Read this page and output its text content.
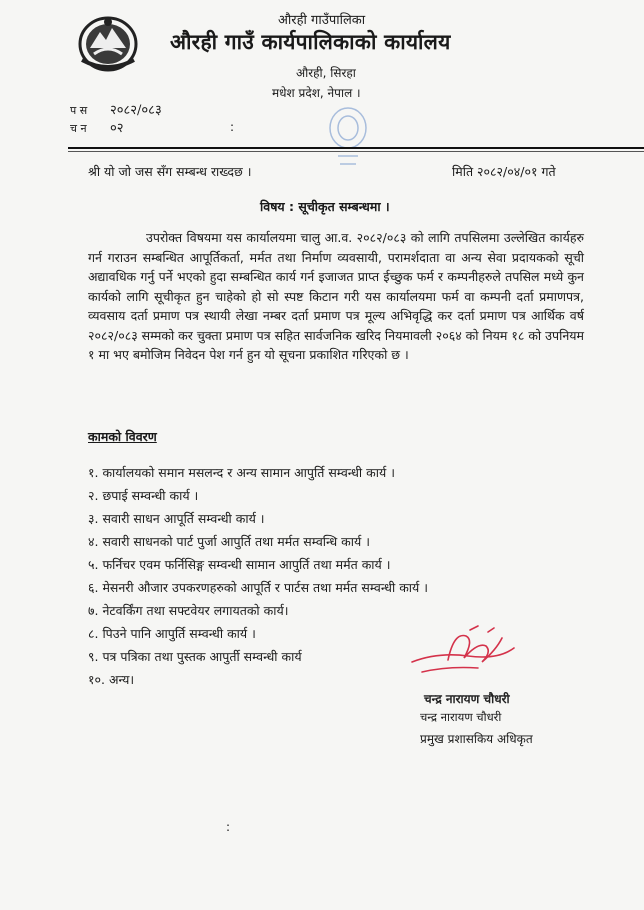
औरही गाउँपालिका
औरही गाउँ कार्यपालिकाको कार्यालय
औरही, सिरहा
मधेश प्रदेश, नेपाल ।
प स २०८२/०८३
च न ०२	:
श्री यो जो जस सँग सम्बन्ध राख्दछ ।	मिति २०८२/०४/०१ गते
विषय : सूचीकृत सम्बन्धमा ।
उपरोक्त विषयमा यस कार्यालयमा चालु आ.व. २०८२/०८३ को लागि तपसिलमा उल्लेखित कार्यहरु गर्न गराउन सम्बन्धित आपूर्तिकर्ता, मर्मत तथा निर्माण व्यवसायी, परामर्शदाता वा अन्य सेवा प्रदायकको सूची अद्यावधिक गर्नु पर्ने भएको हुदा सम्बन्धित कार्य गर्न इजाजत प्राप्त ईच्छुक फर्म र कम्पनीहरुले तपसिल मध्ये कुन कार्यको लागि सूचीकृत हुन चाहेको हो सो स्पष्ट किटान गरी यस कार्यालयमा फर्म वा कम्पनी दर्ता प्रमाणपत्र, व्यवसाय दर्ता प्रमाण पत्र स्थायी लेखा नम्बर दर्ता प्रमाण पत्र मूल्य अभिवृद्धि कर दर्ता प्रमाण पत्र आर्थिक वर्ष २०८२/०८३ सम्मको कर चुक्ता प्रमाण पत्र सहित सार्वजनिक खरिद नियमावली २०६४ को नियम १८ को उपनियम १ मा भए बमोजिम निवेदन पेश गर्न हुन यो सूचना प्रकाशित गरिएको छ ।
कामको विवरण
१. कार्यालयको समान मसलन्द र अन्य सामान आपुर्ति सम्वन्धी कार्य ।
२. छपाई सम्वन्धी कार्य ।
३. सवारी साधन आपूर्ति सम्वन्धी कार्य ।
४. सवारी साधनको पार्ट पुर्जा आपुर्ति तथा मर्मत सम्वन्धि कार्य ।
५. फर्निचर एवम फर्निसिङ्ग सम्वन्धी सामान आपुर्ति तथा मर्मत कार्य ।
६. मेसनरी औजार उपकरणहरुको आपूर्ति र पार्टस तथा मर्मत सम्वन्धी कार्य ।
७. नेटवर्किंग तथा सफ्टवेयर लगायतको कार्य।
८. पिउने पानि आपुर्ति सम्वन्धी कार्य ।
९. पत्र पत्रिका तथा पुस्तक आपुर्ती सम्वन्धी कार्य
१०. अन्य।
चन्द्र नारायण चौधरी
चन्द्र नारायण चौधरी
प्रमुख प्रशासकिय अधिकृत
:
